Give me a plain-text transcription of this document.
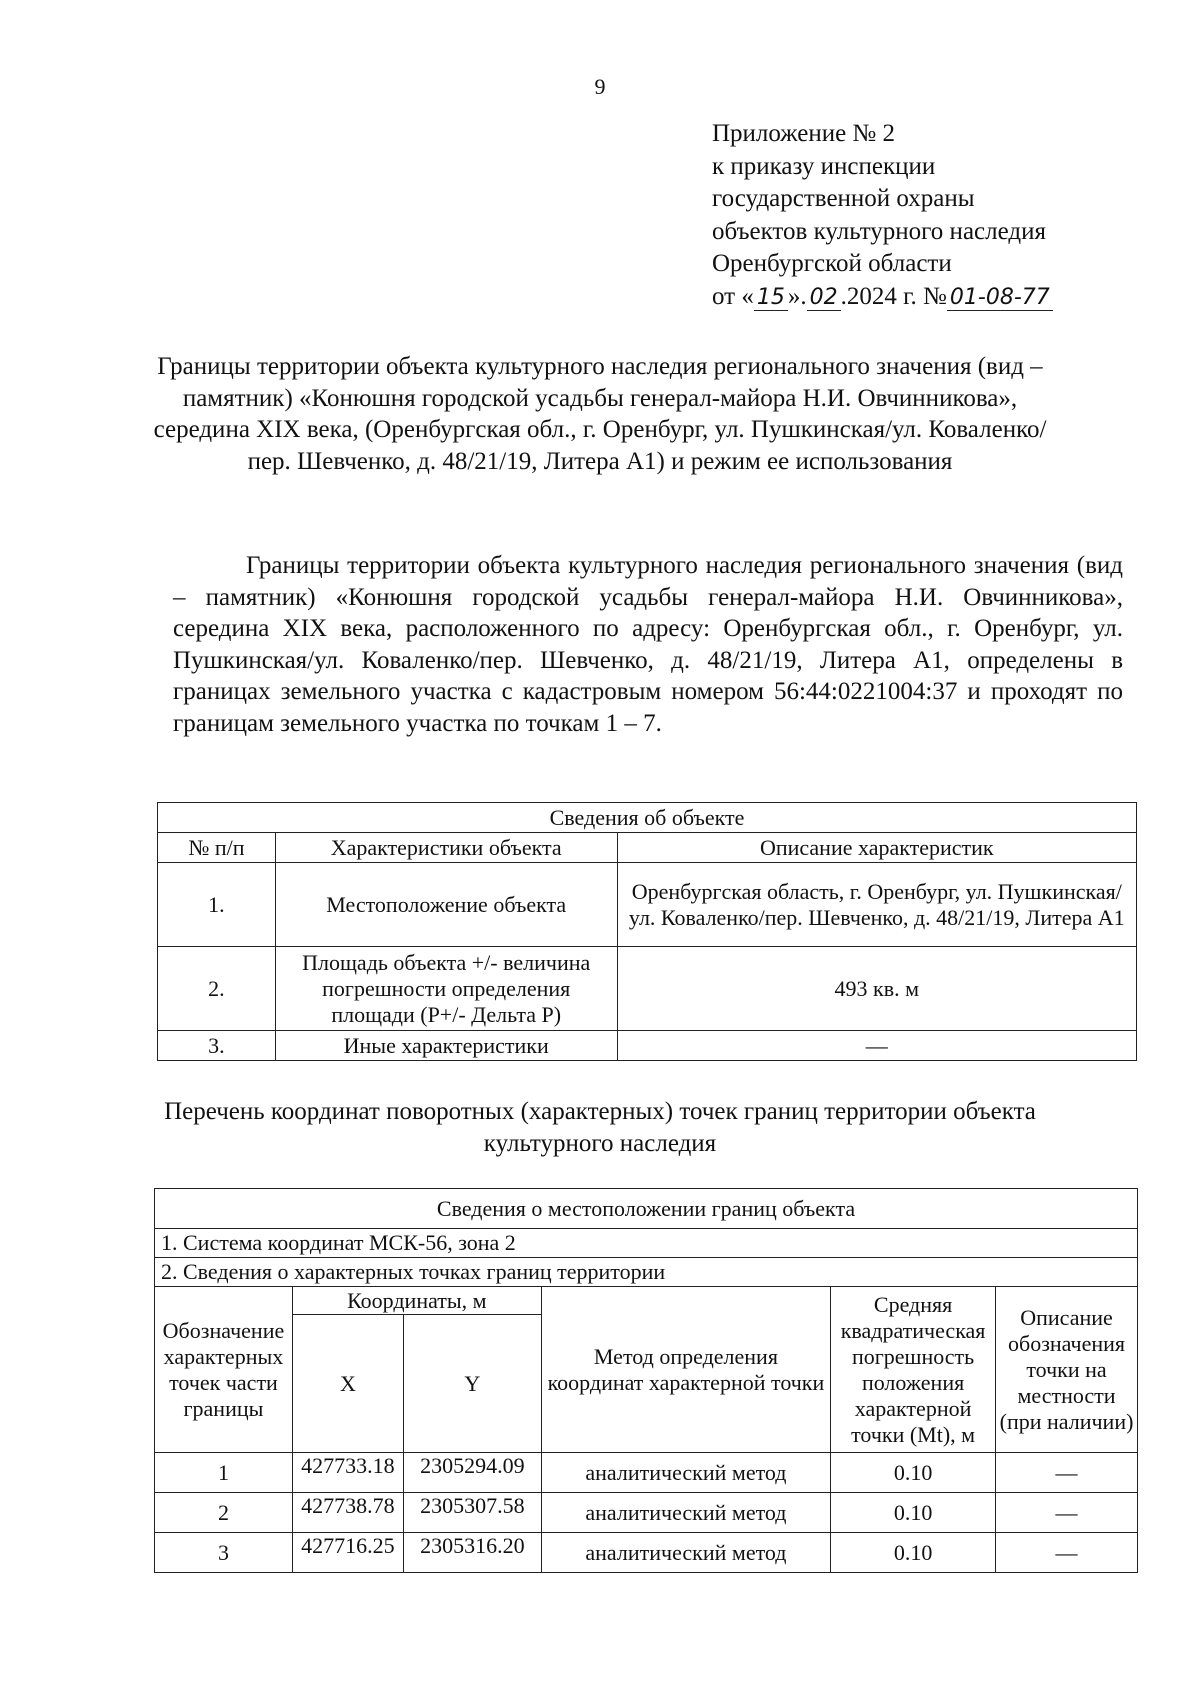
9
Приложение № 2
к приказу инспекции
государственной охраны
объектов культурного наследия
Оренбургской области
от « 15 ». 02 .2024 г. № 01-08-77
Границы территории объекта культурного наследия регионального значения (вид – памятник) «Конюшня городской усадьбы генерал-майора Н.И. Овчинникова», середина XIX века, (Оренбургская обл., г. Оренбург, ул. Пушкинская/ул. Коваленко/пер. Шевченко, д. 48/21/19, Литера А1) и режим ее использования
Границы территории объекта культурного наследия регионального значения (вид – памятник) «Конюшня городской усадьбы генерал-майора Н.И. Овчинникова», середина XIX века, расположенного по адресу: Оренбургская обл., г. Оренбург, ул. Пушкинская/ул. Коваленко/пер. Шевченко, д. 48/21/19, Литера А1, определены в границах земельного участка с кадастровым номером 56:44:0221004:37 и проходят по границам земельного участка по точкам 1 – 7.
Сведения об объекте		
№ п/п	Характеристики объекта	Описание характеристик
1.	Местоположение объекта	Оренбургская область, г. Оренбург, ул. Пушкинская/ул. Коваленко/пер. Шевченко, д. 48/21/19, Литера А1
2.	Площадь объекта +/- величина погрешности определения площади (P+/- Дельта P)	493 кв. м
3.	Иные характеристики	—
Перечень координат поворотных (характерных) точек границ территории объекта культурного наследия
Сведения о местоположении границ объекта					
1. Система координат МСК-56, зона 2					
2. Сведения о характерных точках границ территории					
Обозначение характерных точек части границы	Координаты, м		Метод определения координат характерной точки	Средняя квадратическая погрешность положения характерной точки (Mt), м	Описание обозначения точки на местности (при наличии)
	X	Y			
1	427733.18	2305294.09	аналитический метод	0.10	—
2	427738.78	2305307.58	аналитический метод	0.10	—
3	427716.25	2305316.20	аналитический метод	0.10	—
